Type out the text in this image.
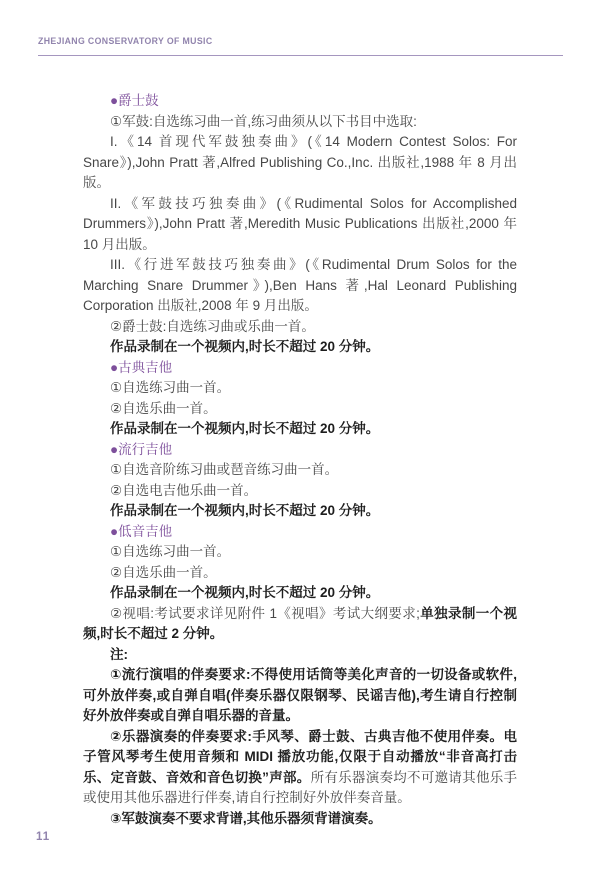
ZHEJIANG CONSERVATORY OF MUSIC

●爵士鼓

①军鼓:自选练习曲一首,练习曲须从以下书目中选取:

I.《14 首现代军鼓独奏曲》(《14 Modern Contest Solos: For Snare》),John Pratt 著,Alfred Publishing Co.,Inc. 出版社,1988 年 8 月出版。

II.《军鼓技巧独奏曲》(《Rudimental Solos for Accomplished Drummers》),John Pratt 著,Meredith Music Publications 出版社,2000 年 10 月出版。

III.《行进军鼓技巧独奏曲》(《Rudimental Drum Solos for the Marching Snare Drummer》),Ben Hans 著,Hal Leonard Publishing Corporation 出版社,2008 年 9 月出版。

②爵士鼓:自选练习曲或乐曲一首。

作品录制在一个视频内,时长不超过 20 分钟。

●古典吉他

①自选练习曲一首。

②自选乐曲一首。

作品录制在一个视频内,时长不超过 20 分钟。

●流行吉他

①自选音阶练习曲或琶音练习曲一首。

②自选电吉他乐曲一首。

作品录制在一个视频内,时长不超过 20 分钟。

●低音吉他

①自选练习曲一首。

②自选乐曲一首。

作品录制在一个视频内,时长不超过 20 分钟。

②视唱:考试要求详见附件 1《视唱》考试大纲要求;单独录制一个视频,时长不超过 2 分钟。

注:

①流行演唱的伴奏要求:不得使用话筒等美化声音的一切设备或软件,可外放伴奏,或自弹自唱(伴奏乐器仅限钢琴、民谣吉他),考生请自行控制好外放伴奏或自弹自唱乐器的音量。

②乐器演奏的伴奏要求:手风琴、爵士鼓、古典吉他不使用伴奏。电子管风琴考生使用音频和 MIDI 播放功能,仅限于自动播放“非音高打击乐、定音鼓、音效和音色切换”声部。所有乐器演奏均不可邀请其他乐手或使用其他乐器进行伴奏,请自行控制好外放伴奏音量。

③军鼓演奏不要求背谱,其他乐器须背谱演奏。

11
